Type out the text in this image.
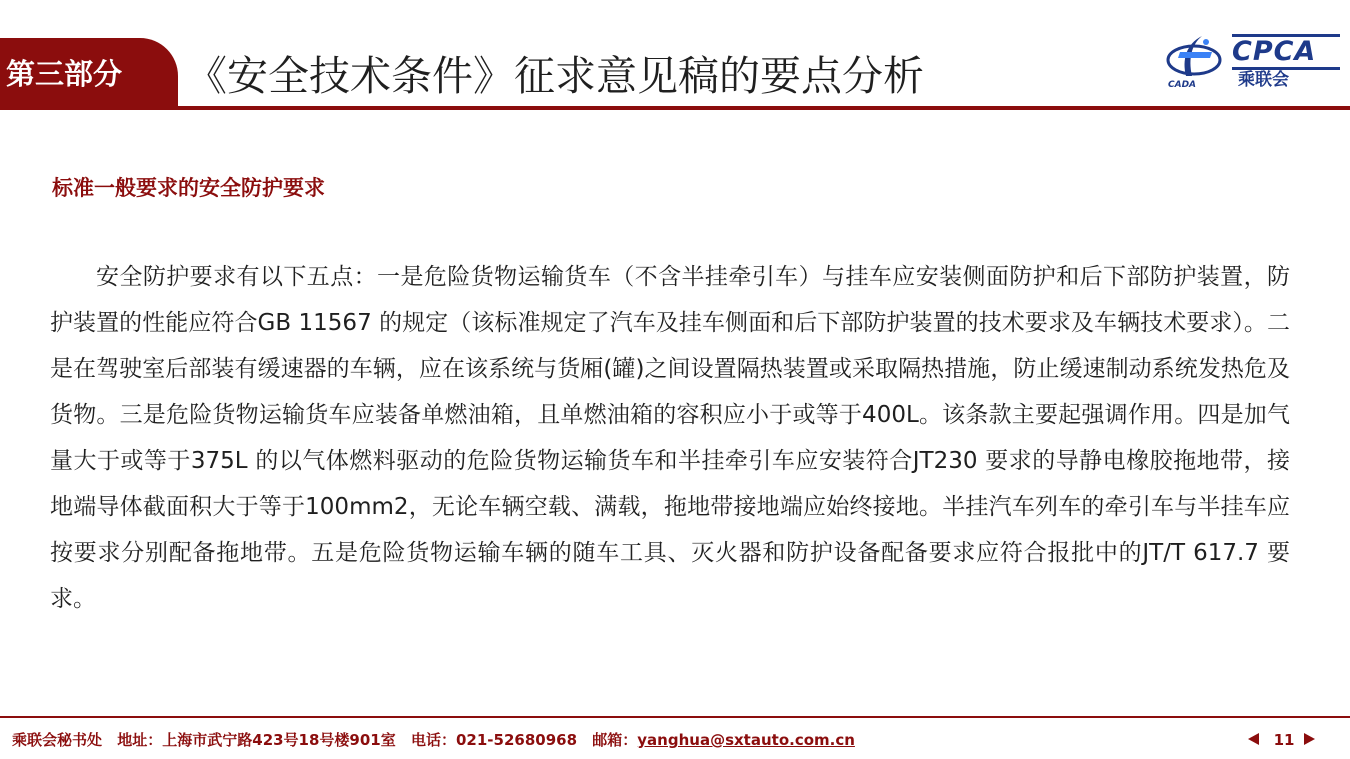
第三部分 《安全技术条件》征求意见稿的要点分析	CADA
CPCA
乘联会
标准一般要求的安全防护要求

安全防护要求有以下五点：一是危险货物运输货车（不含半挂牵引车）与挂车应安装侧面防护和后下部防护装置，防护装置的性能应符合GB 11567 的规定（该标准规定了汽车及挂车侧面和后下部防护装置的技术要求及车辆技术要求）。二是在驾驶室后部装有缓速器的车辆，应在该系统与货厢(罐)之间设置隔热装置或采取隔热措施，防止缓速制动系统发热危及货物。三是危险货物运输货车应装备单燃油箱，且单燃油箱的容积应小于或等于400L。该条款主要起强调作用。四是加气量大于或等于375L 的以气体燃料驱动的危险货物运输货车和半挂牵引车应安装符合JT230 要求的导静电橡胶拖地带，接地端导体截面积大于等于100mm2，无论车辆空载、满载，拖地带接地端应始终接地。半挂汽车列车的牵引车与半挂车应按要求分别配备拖地带。五是危险货物运输车辆的随车工具、灭火器和防护设备配备要求应符合报批中的JT/T 617.7 要求。

乘联会秘书处 地址：上海市武宁路423号18号楼901室 电话：021-52680968 邮箱：yanghua@sxtauto.com.cn	11
